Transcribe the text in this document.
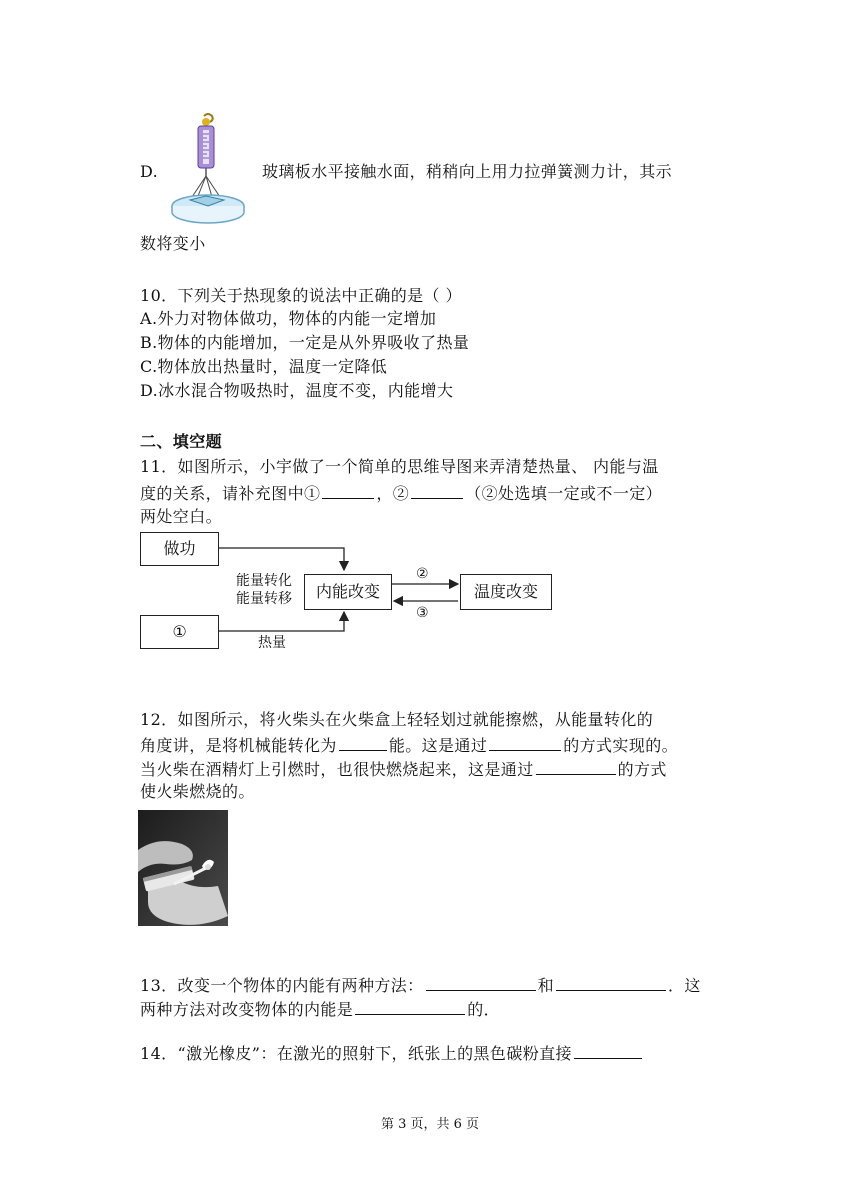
D.	玻璃板水平接触水面，稍稍向上用力拉弹簧测力计，其示
数将变小
10．下列关于热现象的说法中正确的是（ ）
A.外力对物体做功，物体的内能一定增加
B.物体的内能增加，一定是从外界吸收了热量
C.物体放出热量时，温度一定降低
D.冰水混合物吸热时，温度不变，内能增大
二、填空题
11．如图所示，小宇做了一个简单的思维导图来弄清楚热量、 内能与温
度的关系，请补充图中①	，②	（②处选填一定或不一定）
两处空白。
做功
①
内能改变	温度改变
能量转化
能量转移
热量
②
③
12．如图所示，将火柴头在火柴盒上轻轻划过就能擦燃，从能量转化的
角度讲，是将机械能转化为	能。这是通过	的方式实现的。
当火柴在酒精灯上引燃时，也很快燃烧起来，这是通过	的方式
使火柴燃烧的。
13．改变一个物体的内能有两种方法：	和	．这
两种方法对改变物体的内能是	的．
14．“激光橡皮”：在激光的照射下，纸张上的黑色碳粉直接
第 3 页，共 6 页
